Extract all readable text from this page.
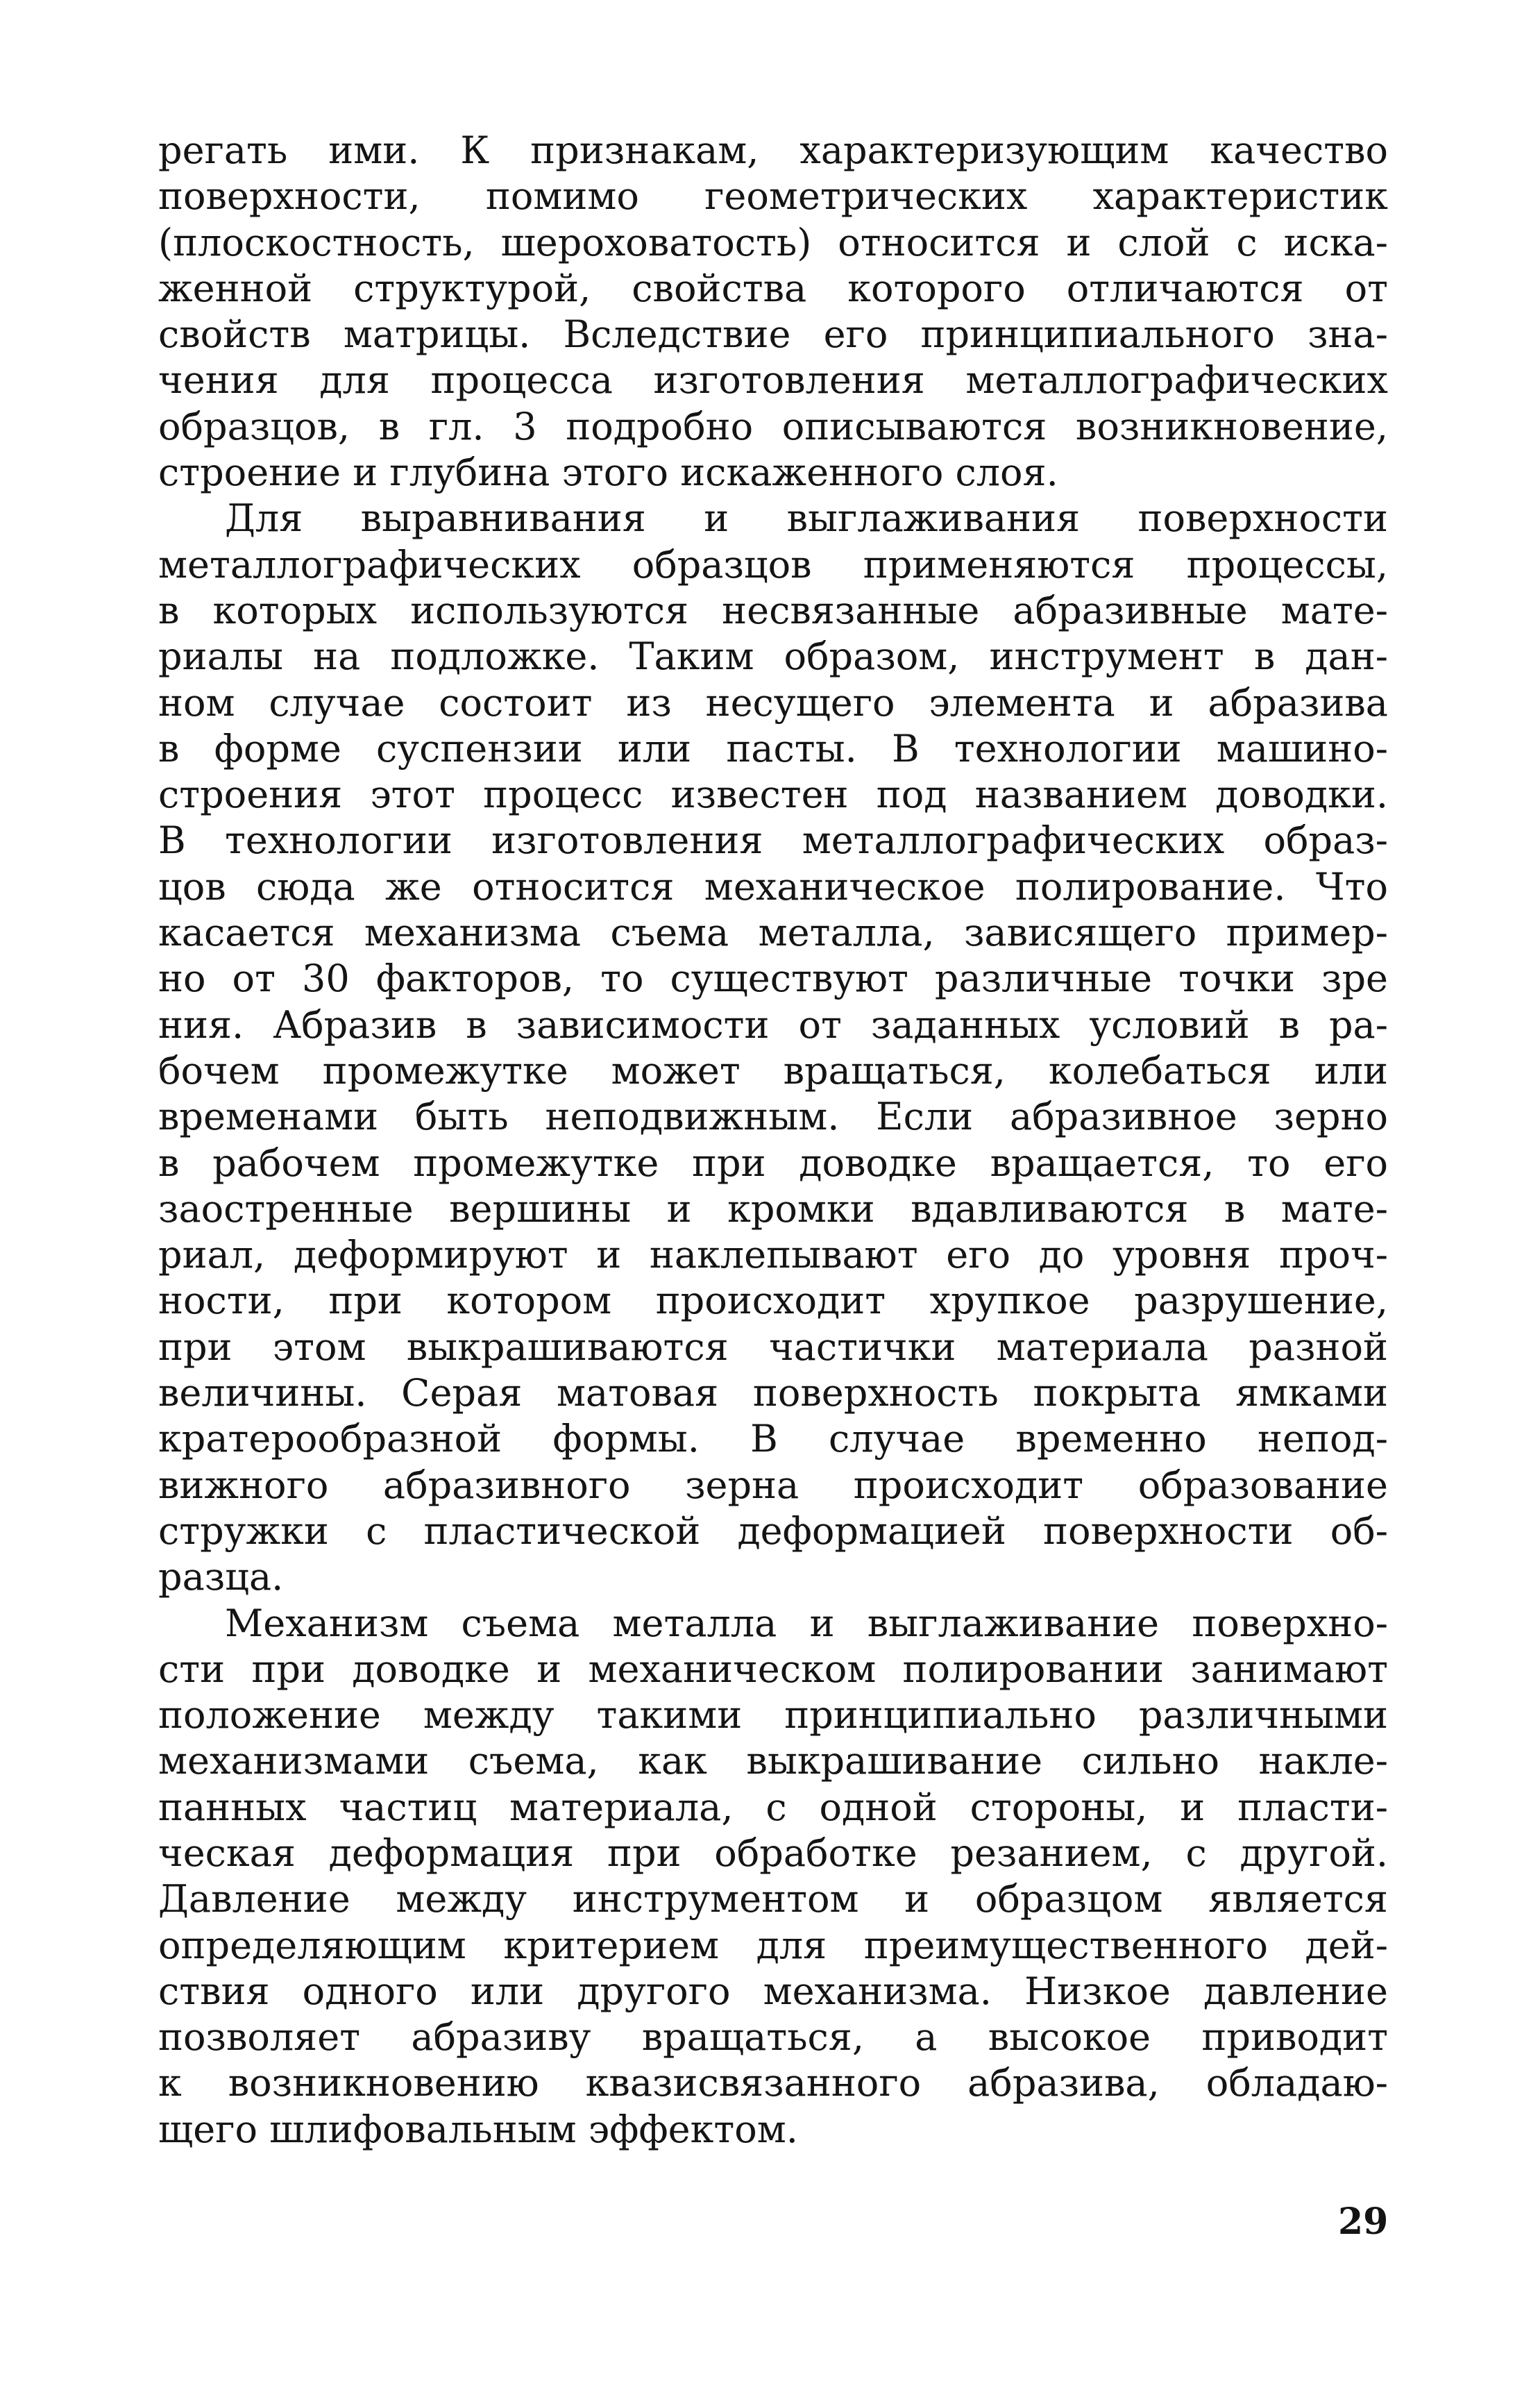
регать ими. К признакам, характеризующим качество
поверхности, помимо геометрических характеристик
(плоскостность, шероховатость) относится и слой с иска-
женной структурой, свойства которого отличаются от
свойств матрицы. Вследствие его принципиального зна-
чения для процесса изготовления металлографических
образцов, в гл. 3 подробно описываются возникновение,
строение и глубина этого искаженного слоя.
Для выравнивания и выглаживания поверхности
металлографических образцов применяются процессы,
в которых используются несвязанные абразивные мате-
риалы на подложке. Таким образом, инструмент в дан-
ном случае состоит из несущего элемента и абразива
в форме суспензии или пасты. В технологии машино-
строения этот процесс известен под названием доводки.
В технологии изготовления металлографических образ-
цов сюда же относится механическое полирование. Что
касается механизма съема металла, зависящего пример-
но от 30 факторов, то существуют различные точки зре
ния. Абразив в зависимости от заданных условий в ра-
бочем промежутке может вращаться, колебаться или
временами быть неподвижным. Если абразивное зерно
в рабочем промежутке при доводке вращается, то его
заостренные вершины и кромки вдавливаются в мате-
риал, деформируют и наклепывают его до уровня проч-
ности, при котором происходит хрупкое разрушение,
при этом выкрашиваются частички материала разной
величины. Серая матовая поверхность покрыта ямками
кратерообразной формы. В случае временно непод-
вижного абразивного зерна происходит образование
стружки с пластической деформацией поверхности об-
разца.
Механизм съема металла и выглаживание поверхно-
сти при доводке и механическом полировании занимают
положение между такими принципиально различными
механизмами съема, как выкрашивание сильно накле-
панных частиц материала, с одной стороны, и пласти-
ческая деформация при обработке резанием, с другой.
Давление между инструментом и образцом является
определяющим критерием для преимущественного дей-
ствия одного или другого механизма. Низкое давление
позволяет абразиву вращаться, а высокое приводит
к возникновению квазисвязанного абразива, обладаю-
щего шлифовальным эффектом.
29
